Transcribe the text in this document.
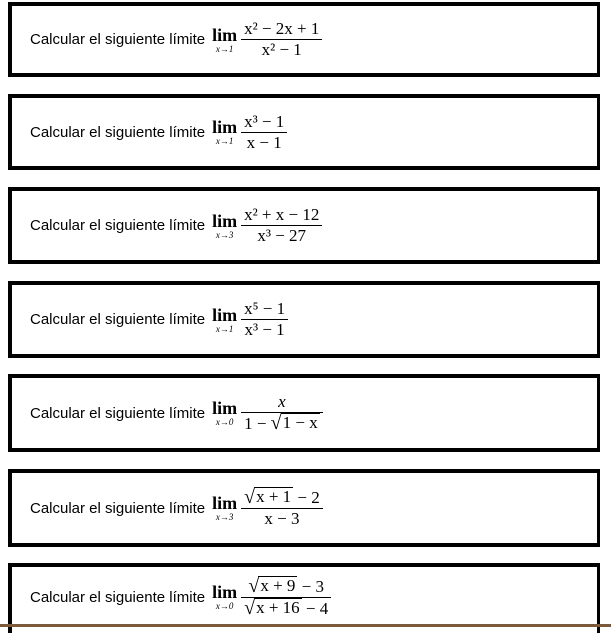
Calcular el siguiente límite lim
$x\to 1 \frac{\text{x² − 2x + 1}}{\text{x² − 1}}$
Calcular el siguiente límite lim
$x\to 1 \frac{\text{x³ − 1}}{x - 1}$
Calcular el siguiente límite lim
$x\to 3 \frac{\text{x² + x − 12}}{\text{x³ − 27}}$
Calcular el siguiente límite lim
$x\to 1 \frac{\text{x⁵ − 1}}{\text{x³ − 1}}$
Calcular el siguiente límite lim
$x\to 0 \frac{x}{1 - √ 1 - x}$
Calcular el siguiente límite lim
$x\to 3 \frac{√ x + 1 - 2}{x - 3}$
Calcular el siguiente límite lim
$x\to 0 \frac{√ x + 9 - 3}{√ x + 16 - 4}$
